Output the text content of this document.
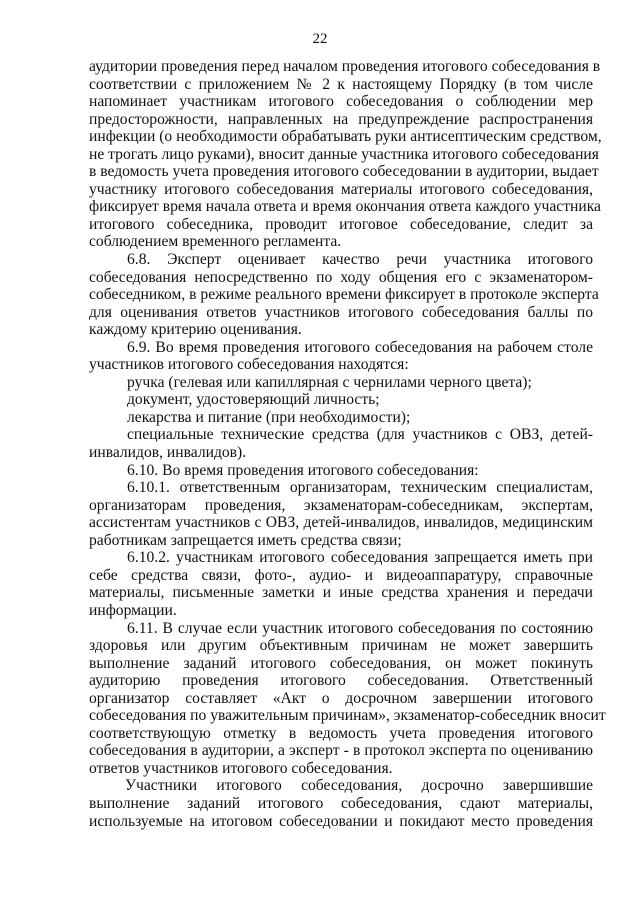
22
аудитории проведения перед началом проведения итогового собеседования в
соответствии с приложением № 2 к настоящему Порядку (в том числе
напоминает участникам итогового собеседования о соблюдении мер
предосторожности, направленных на предупреждение распространения
инфекции (о необходимости обрабатывать руки антисептическим средством,
не трогать лицо руками), вносит данные участника итогового собеседования
в ведомость учета проведения итогового собеседовании в аудитории, выдает
участнику итогового собеседования материалы итогового собеседования,
фиксирует время начала ответа и время окончания ответа каждого участника
итогового собеседника, проводит итоговое собеседование, следит за
соблюдением временного регламента.
6.8. Эксперт оценивает качество речи участника итогового
собеседования непосредственно по ходу общения его с экзаменатором-
собеседником, в режиме реального времени фиксирует в протоколе эксперта
для оценивания ответов участников итогового собеседования баллы по
каждому критерию оценивания.
6.9. Во время проведения итогового собеседования на рабочем столе
участников итогового собеседования находятся:
ручка (гелевая или капиллярная с чернилами черного цвета);
документ, удостоверяющий личность;
лекарства и питание (при необходимости);
специальные технические средства (для участников с ОВЗ, детей-
инвалидов, инвалидов).
6.10. Во время проведения итогового собеседования:
6.10.1. ответственным организаторам, техническим специалистам,
организаторам проведения, экзаменаторам-собеседникам, экспертам,
ассистентам участников с ОВЗ, детей-инвалидов, инвалидов, медицинским
работникам запрещается иметь средства связи;
6.10.2. участникам итогового собеседования запрещается иметь при
себе средства связи, фото-, аудио- и видеоаппаратуру, справочные
материалы, письменные заметки и иные средства хранения и передачи
информации.
6.11. В случае если участник итогового собеседования по состоянию
здоровья или другим объективным причинам не может завершить
выполнение заданий итогового собеседования, он может покинуть
аудиторию проведения итогового собеседования. Ответственный
организатор составляет «Акт о досрочном завершении итогового
собеседования по уважительным причинам», экзаменатор-собеседник вносит
соответствующую отметку в ведомость учета проведения итогового
собеседования в аудитории, а эксперт - в протокол эксперта по оцениванию
ответов участников итогового собеседования.
Участники итогового собеседования, досрочно завершившие
выполнение заданий итогового собеседования, сдают материалы,
используемые на итоговом собеседовании и покидают место проведения
